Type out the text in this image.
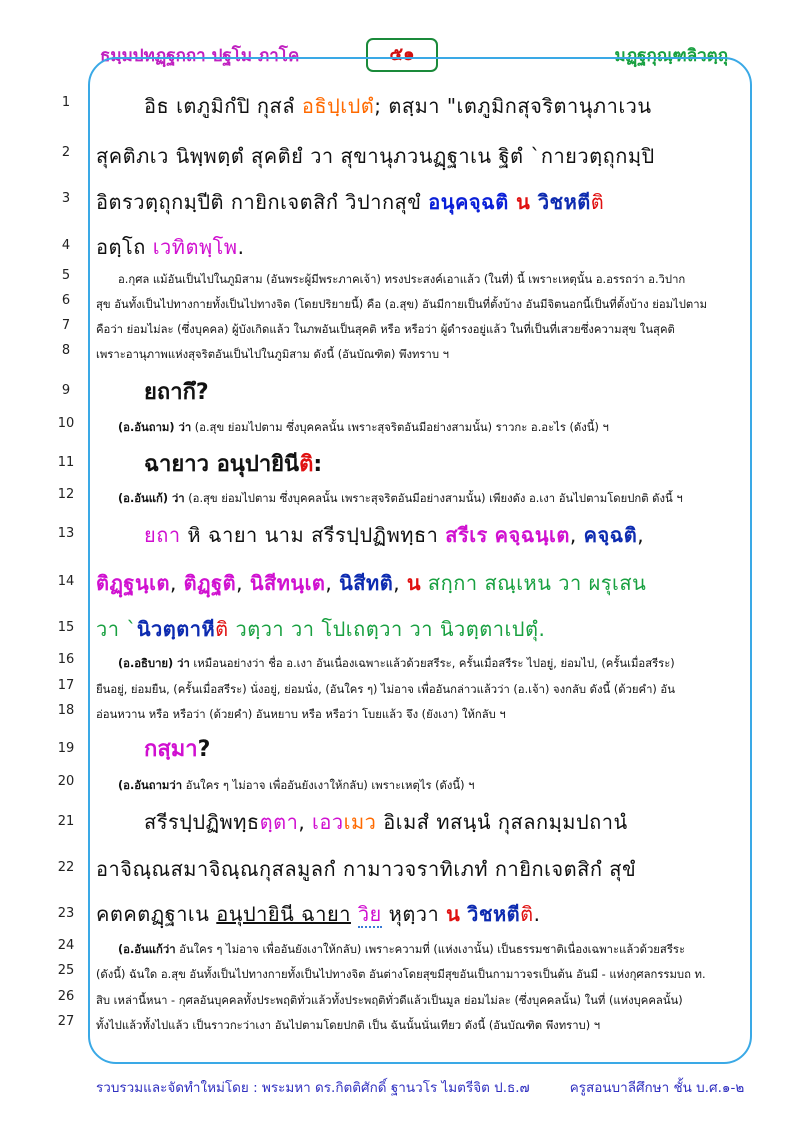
ธมฺมปทฏฺฐกถา ปฐโม ภาโค	๕๑	มฏฺฐกุณฺฑลิวตฺถุ
1	อิธ เตภูมิกํปิ กุสลํ อธิปฺเปตํ; ตสฺมา "เตภูมิกสุจริตานุภาเวน
2	สุคติภเว นิพฺพตฺตํ สุคติยํ วา สุขานุภวนฏฺฐาเน ฐิตํ `กายวตฺถุกมฺปิ
3	อิตรวตฺถุกมฺปีติ กายิกเจตสิกํ วิปากสุขํ อนุคจฺฉติ น วิชหตีติ
4	อตฺโถ เวทิตพฺโพ.
5	อ.กุศล แม้อันเป็นไปในภูมิสาม (อันพระผู้มีพระภาคเจ้า) ทรงประสงค์เอาแล้ว (ในที่) นี้ เพราะเหตุนั้น อ.อรรถว่า อ.วิปาก
6	สุข อันทั้งเป็นไปทางกายทั้งเป็นไปทางจิต (โดยปริยายนี้) คือ (อ.สุข) อันมีกายเป็นที่ตั้งบ้าง อันมีจิตนอกนี้เป็นที่ตั้งบ้าง ย่อมไปตาม
7	คือว่า ย่อมไม่ละ (ซึ่งบุคคล) ผู้บังเกิดแล้ว ในภพอันเป็นสุคติ หรือ หรือว่า ผู้ดำรงอยู่แล้ว ในที่เป็นที่เสวยซึ่งความสุข ในสุคติ
8	เพราะอานุภาพแห่งสุจริตอันเป็นไปในภูมิสาม ดังนี้ (อันบัณฑิต) พึงทราบ ฯ
9	ยถากึ?
10	(อ.อันถาม) ว่า (อ.สุข ย่อมไปตาม ซึ่งบุคคลนั้น เพราะสุจริตอันมีอย่างสามนั้น) ราวกะ อ.อะไร (ดังนี้) ฯ
11	ฉายาว อนุปายินีติ:
12	(อ.อันแก้) ว่า (อ.สุข ย่อมไปตาม ซึ่งบุคคลนั้น เพราะสุจริตอันมีอย่างสามนั้น) เพียงดัง อ.เงา อันไปตามโดยปกติ ดังนี้ ฯ
13	ยถา หิ ฉายา นาม สรีรปฺปฏิพทฺธา สรีเร คจฺฉนฺเต, คจฺฉติ,
14 ติฏฺฐนฺเต, ติฏฺฐติ, นิสีทนฺเต, นิสีทติ, น สกฺกา สณฺเหน วา ผรุเสน
15 วา `นิวตฺตาหีติ วตฺวา วา โปเถตฺวา วา นิวตฺตาเปตุํ.
16	(อ.อธิบาย) ว่า เหมือนอย่างว่า ชื่อ อ.เงา อันเนื่องเฉพาะแล้วด้วยสรีระ, ครั้นเมื่อสรีระ ไปอยู่, ย่อมไป, (ครั้นเมื่อสรีระ)
17 ยืนอยู่, ย่อมยืน, (ครั้นเมื่อสรีระ) นั่งอยู่, ย่อมนั่ง, (อันใคร ๆ) ไม่อาจ เพื่ออันกล่าวแล้วว่า (อ.เจ้า) จงกลับ ดังนี้ (ด้วยคำ) อัน
18 อ่อนหวาน หรือ หรือว่า (ด้วยคำ) อันหยาบ หรือ หรือว่า โบยแล้ว จึง (ยังเงา) ให้กลับ ฯ
19	กสฺมา?
20	(อ.อันถามว่า อันใคร ๆ ไม่อาจ เพื่ออันยังเงาให้กลับ) เพราะเหตุไร (ดังนี้) ฯ
21	สรีรปฺปฏิพทฺธตฺตา, เอวเมว อิเมสํ ทสนฺนํ กุสลกมฺมปถานํ
22 อาจิณฺณสมาจิณฺณกุสลมูลกํ กามาวจราทิเภทํ กายิกเจตสิกํ สุขํ
23 คตคตฏฺฐาเน อนุปายินี ฉายา วิย หุตฺวา น วิชหตีติ.
24	(อ.อันแก้ว่า อันใคร ๆ ไม่อาจ เพื่ออันยังเงาให้กลับ) เพราะความที่ (แห่งเงานั้น) เป็นธรรมชาติเนื่องเฉพาะแล้วด้วยสรีระ
25 (ดังนี้) ฉันใด อ.สุข อันทั้งเป็นไปทางกายทั้งเป็นไปทางจิต อันต่างโดยสุขมีสุขอันเป็นกามาวจรเป็นต้น อันมี - แห่งกุศลกรรมบถ ท.
26 สิบ เหล่านี้หนา - กุศลอันบุคคลทั้งประพฤติทั่วแล้วทั้งประพฤติทั่วดีแล้วเป็นมูล ย่อมไม่ละ (ซึ่งบุคคลนั้น) ในที่ (แห่งบุคคลนั้น)
27 ทั้งไปแล้วทั้งไปแล้ว เป็นราวกะว่าเงา อันไปตามโดยปกติ เป็น ฉันนั้นนั่นเทียว ดังนี้ (อันบัณฑิต พึงทราบ) ฯ
รวบรวมและจัดทำใหม่โดย : พระมหา ดร.กิตติศักดิ์ ฐานวโร ไมตรีจิต ป.ธ.๗	ครูสอนบาลีศึกษา ชั้น บ.ศ.๑-๒
